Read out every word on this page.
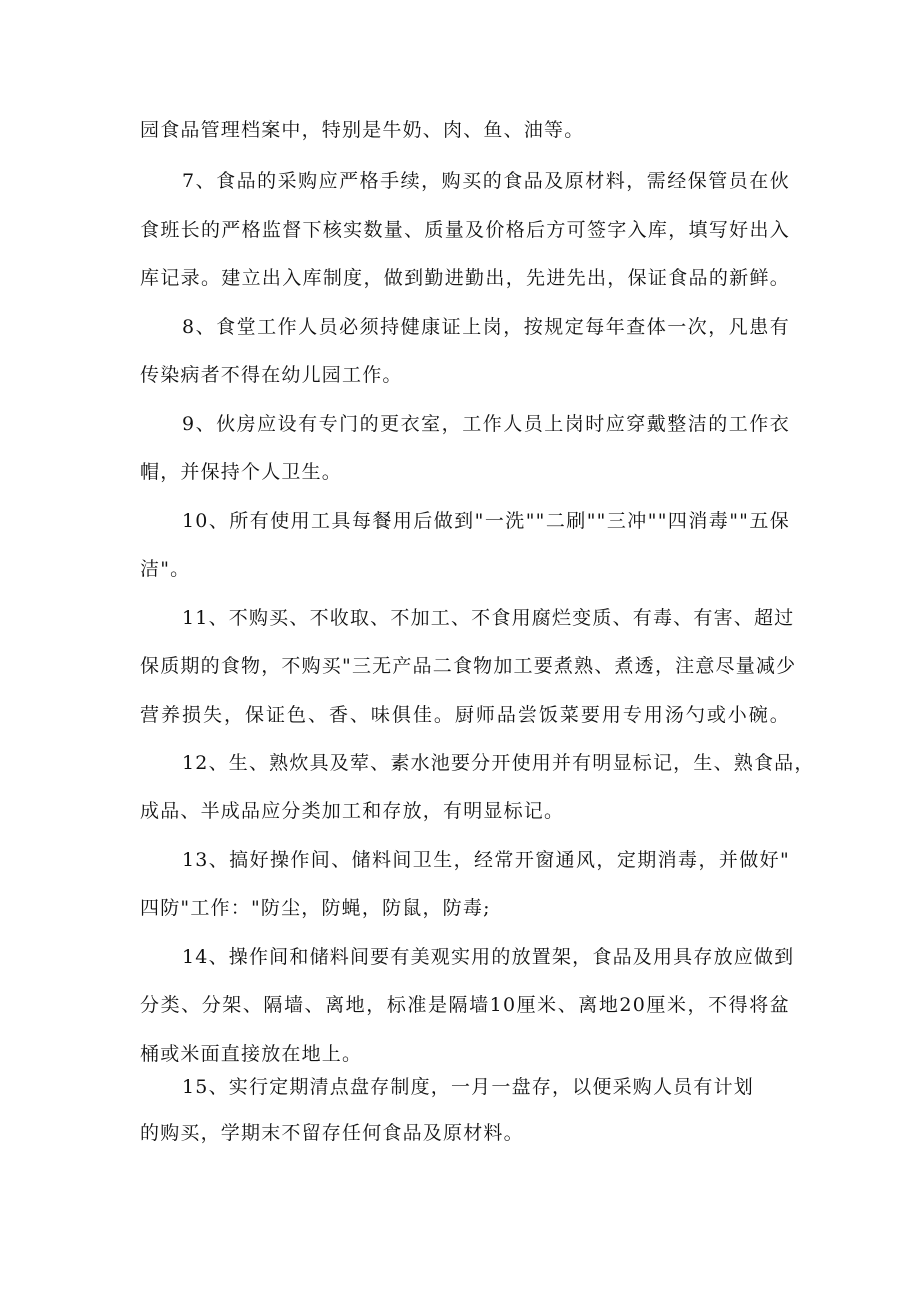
园食品管理档案中，特别是牛奶、肉、鱼、油等。
7、食品的采购应严格手续，购买的食品及原材料，需经保管员在伙
食班长的严格监督下核实数量、质量及价格后方可签字入库，填写好出入
库记录。建立出入库制度，做到勤进勤出，先进先出，保证食品的新鲜。
8、食堂工作人员必须持健康证上岗，按规定每年查体一次，凡患有
传染病者不得在幼儿园工作。
9、伙房应设有专门的更衣室，工作人员上岗时应穿戴整洁的工作衣
帽，并保持个人卫生。
10、所有使用工具每餐用后做到"一洗""二刷""三冲""四消毒""五保
洁"。
11、不购买、不收取、不加工、不食用腐烂变质、有毒、有害、超过
保质期的食物，不购买"三无产品二食物加工要煮熟、煮透，注意尽量减少
营养损失，保证色、香、味俱佳。厨师品尝饭菜要用专用汤勺或小碗。
12、生、熟炊具及荤、素水池要分开使用并有明显标记，生、熟食品，
成品、半成品应分类加工和存放，有明显标记。
13、搞好操作间、储料间卫生，经常开窗通风，定期消毒，并做好"
四防"工作："防尘，防蝇，防鼠，防毒;
14、操作间和储料间要有美观实用的放置架，食品及用具存放应做到
分类、分架、隔墙、离地，标准是隔墙10厘米、离地20厘米，不得将盆
桶或米面直接放在地上。
15、实行定期清点盘存制度，一月一盘存，以便采购人员有计划
的购买，学期末不留存任何食品及原材料。
